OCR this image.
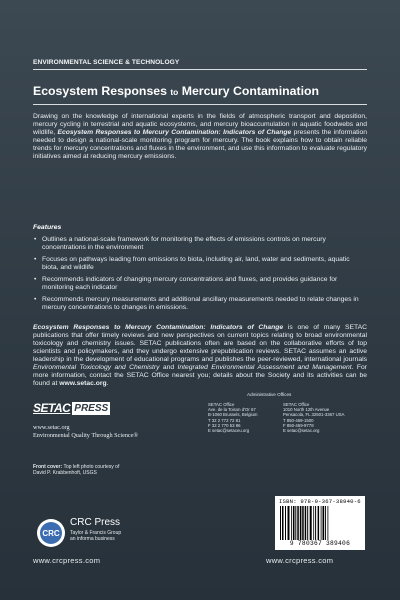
ENVIRONMENTAL SCIENCE & TECHNOLOGY
Ecosystem Responses to Mercury Contamination

Drawing on the knowledge of international experts in the fields of atmospheric transport and deposition, mercury cycling in terrestrial and aquatic ecosystems, and mercury bioaccumulation in aquatic foodwebs and wildlife, Ecosystem Responses to Mercury Contamination: Indicators of Change presents the information needed to design a national-scale monitoring program for mercury. The book explains how to obtain reliable trends for mercury concentrations and fluxes in the environment, and use this information to evaluate regulatory initiatives aimed at reducing mercury emissions.

Features
• Outlines a national-scale framework for monitoring the effects of emissions controls on mercury concentrations in the environment
• Focuses on pathways leading from emissions to biota, including air, land, water and sediments, aquatic biota, and wildlife
• Recommends indicators of changing mercury concentrations and fluxes, and provides guidance for monitoring each indicator
• Recommends mercury measurements and additional ancillary measurements needed to relate changes in mercury concentrations to changes in emissions.

Ecosystem Responses to Mercury Contamination: Indicators of Change is one of many SETAC publications that offer timely reviews and new perspectives on current topics relating to broad environmental toxicology and chemistry issues. SETAC publications often are based on the collaborative efforts of top scientists and policymakers, and they undergo extensive prepublication reviews. SETAC assumes an active leadership in the development of educational programs and publishes the peer-reviewed, international journals Environmental Toxicology and Chemistry and Integrated Environmental Assessment and Management. For more information, contact the SETAC Office nearest you; details about the Society and its activities can be found at www.setac.org.

SETAC PRESS
www.setac.org
Environmental Quality Through Science®
Administrative Offices
SETAC Office
Ave. de la Toison d'Or 67
B-1060 Brussels, Belgium
T 32 2 772 72 81
F 32 2 770 53 86
E setac@setaceu.org
SETAC Office
1010 North 12th Avenue
Pensacola, FL 32501-3367 USA
T 850-469-1500
F 850-469-9778
E setac@setac.org
Front cover: Top left photo courtesy of
David P. Krabbenhoft, USGS
CRC
CRC Press
Taylor & Francis Group
an informa business
www.crcpress.com	www.crcpress.com
ISBN: 978-0-367-38940-6
9 780367 389406
